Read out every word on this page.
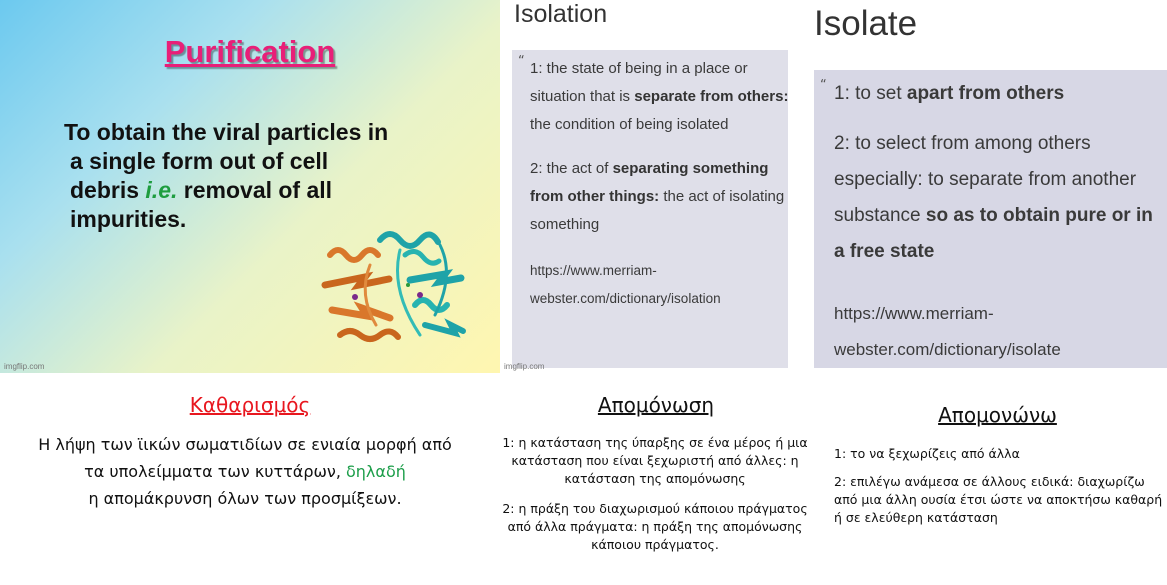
Purification
To obtain the viral particles in
a single form out of cell
debris i.e. removal of all
impurities.
imgflip.com
Isolation
“ 1: the state of being in a place or situation that is separate from others: the condition of being isolated
2: the act of separating something from other things: the act of isolating something
https://www.merriam-
webster.com/dictionary/isolation
imgflip.com
Isolate
“ 1: to set apart from others
2: to select from among others especially: to separate from another substance so as to obtain pure or in a free state
https://www.merriam-
webster.com/dictionary/isolate
Καθαρισμός
Η λήψη των ϊικών σωματιδίων σε ενιαία μορφή από
τα υπολείμματα των κυττάρων, δηλαδή
η απομάκρυνση όλων των προσμίξεων.
Απομόνωση

1: η κατάσταση της ύπαρξης σε ένα μέρος ή μια κατάσταση που είναι ξεχωριστή από άλλες: η κατάσταση της απομόνωσης

2: η πράξη του διαχωρισμού κάποιου πράγματος από άλλα πράγματα: η πράξη της απομόνωσης κάποιου πράγματος.

Απομονώνω

1: το να ξεχωρίζεις από άλλα

2: επιλέγω ανάμεσα σε άλλους ειδικά: διαχωρίζω από μια άλλη ουσία έτσι ώστε να αποκτήσω καθαρή ή σε ελεύθερη κατάσταση
